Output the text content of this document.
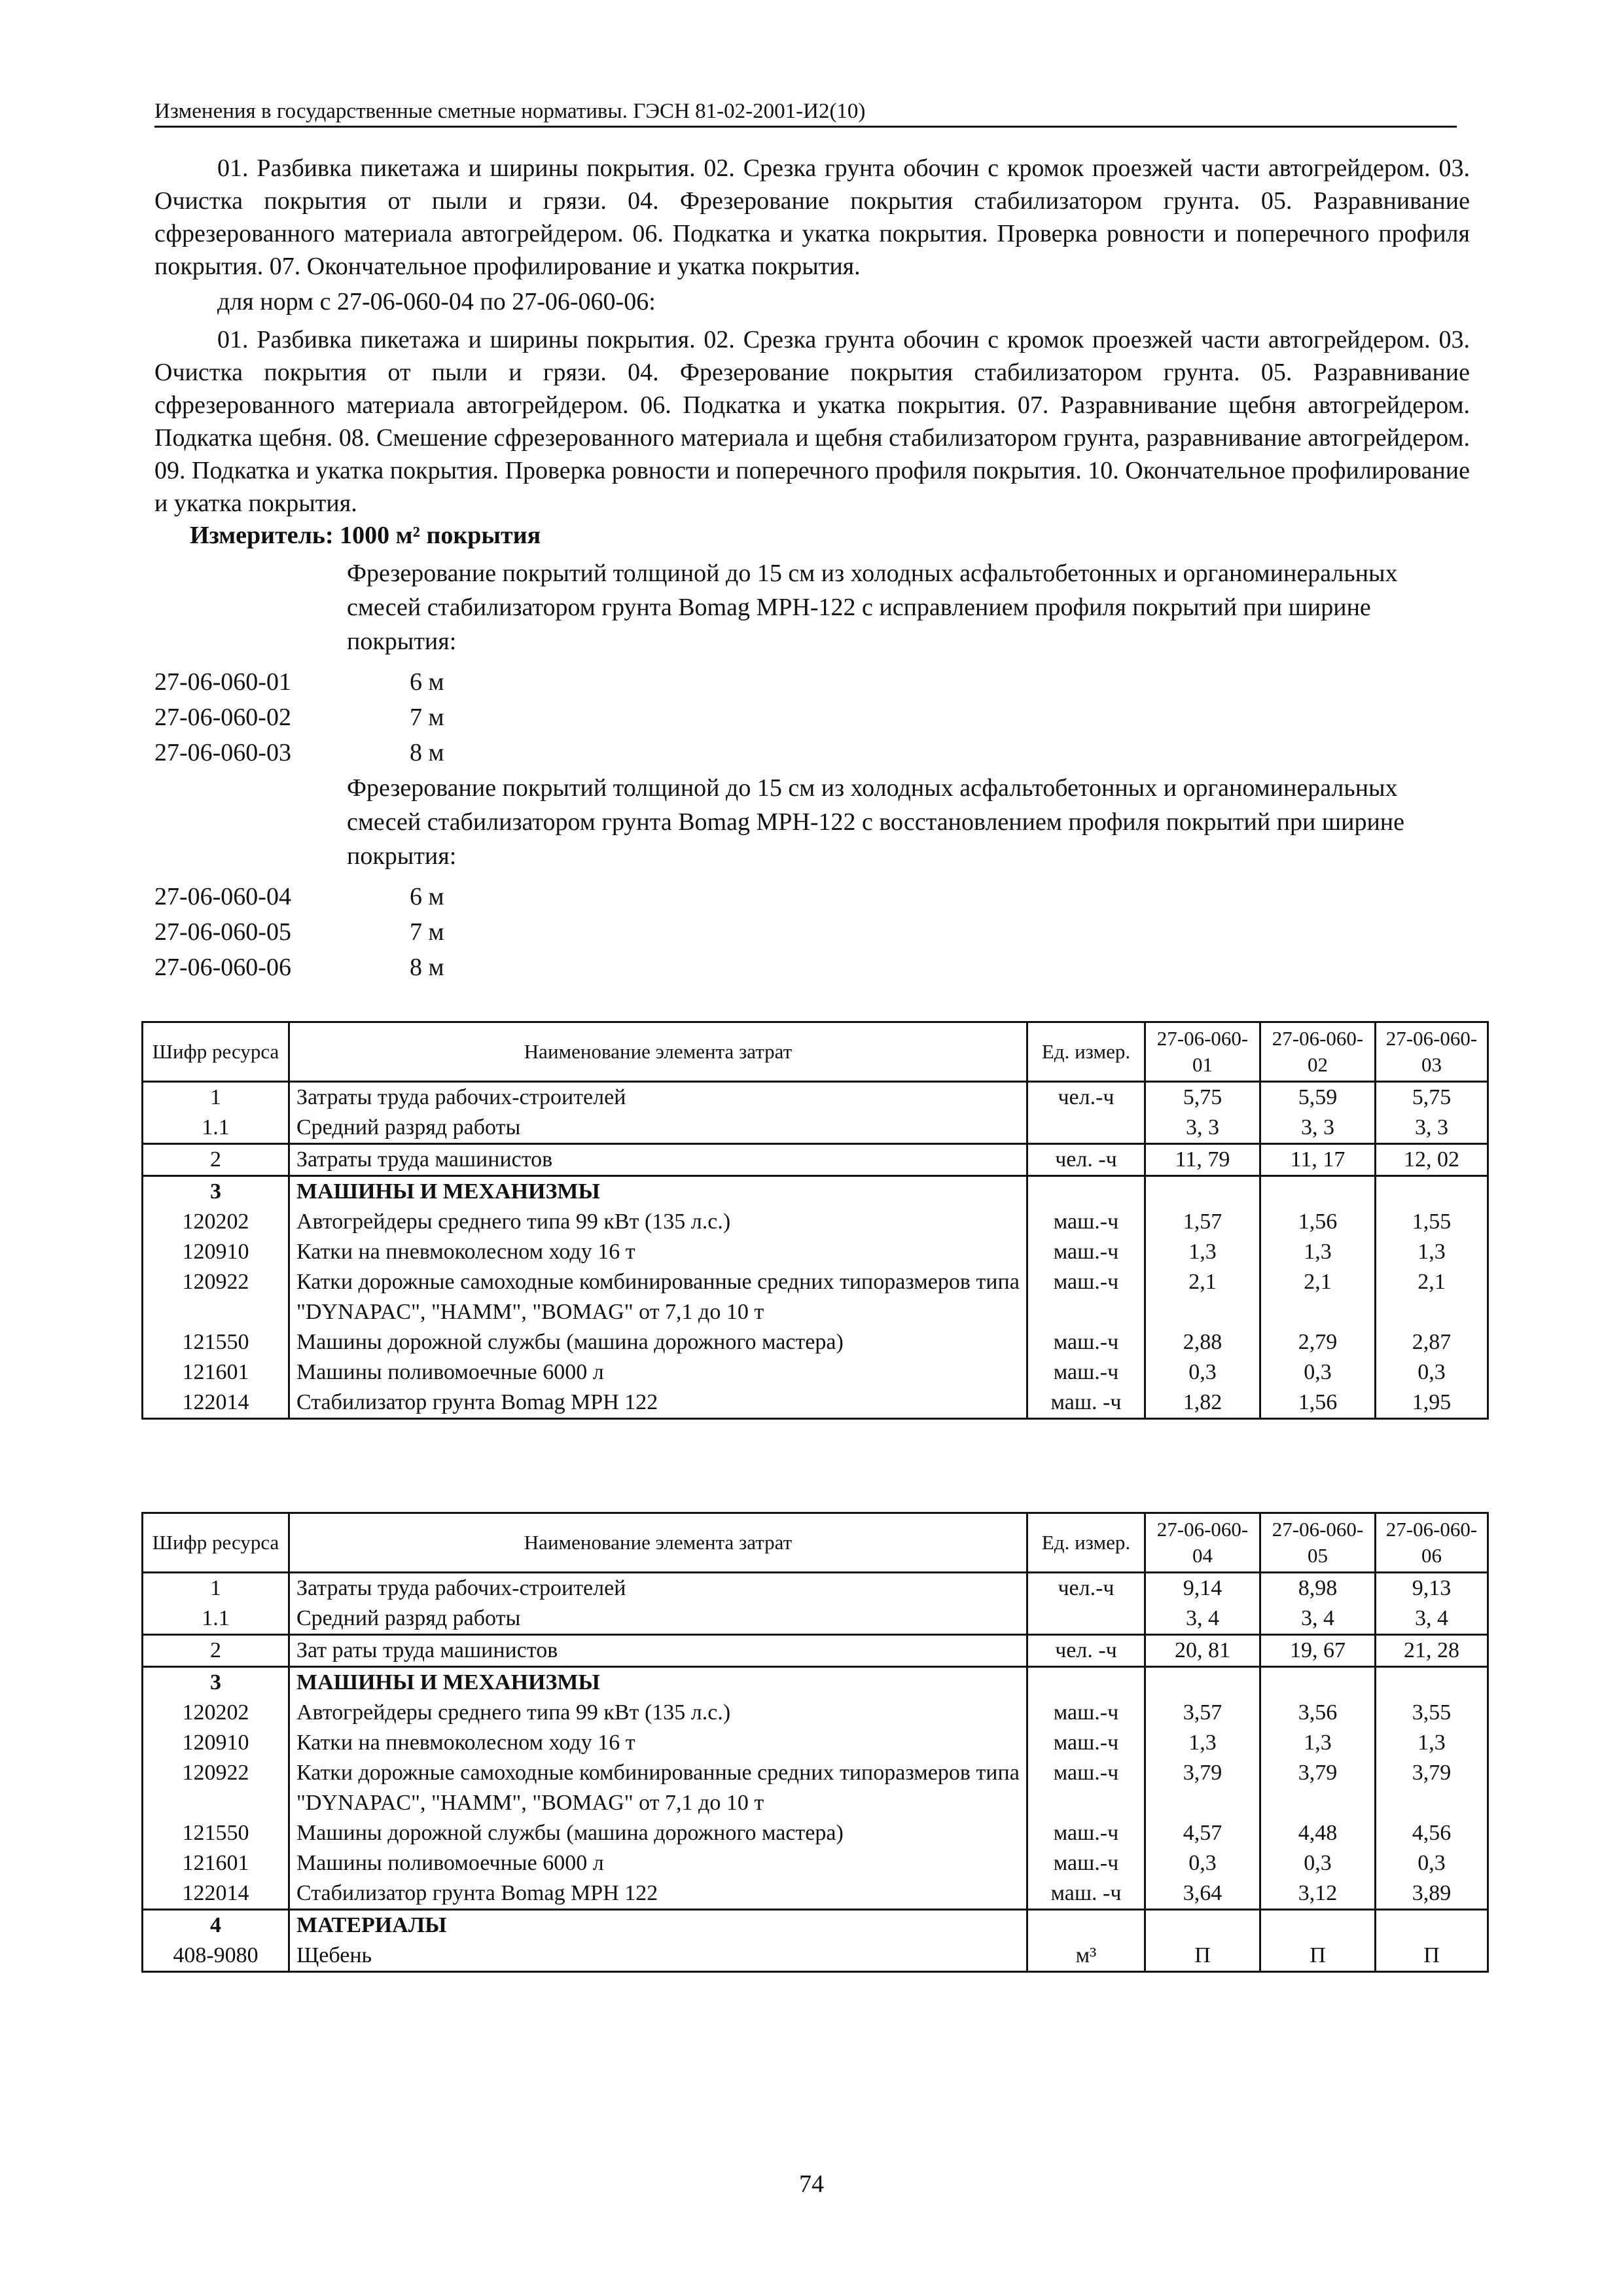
Изменения в государственные сметные нормативы. ГЭСН 81-02-2001-И2(10)

01. Разбивка пикетажа и ширины покрытия. 02. Срезка грунта обочин с кромок проезжей части автогрейдером. 03. Очистка покрытия от пыли и грязи. 04. Фрезерование покрытия стабилизатором грунта. 05. Разравнивание сфрезерованного материала автогрейдером. 06. Подкатка и укатка покрытия. Проверка ровности и поперечного профиля покрытия. 07. Окончательное профилирование и укатка покрытия.

для норм с 27-06-060-04 по 27-06-060-06:

01. Разбивка пикетажа и ширины покрытия. 02. Срезка грунта обочин с кромок проезжей части автогрейдером. 03. Очистка покрытия от пыли и грязи. 04. Фрезерование покрытия стабилизатором грунта. 05. Разравнивание сфрезерованного материала автогрейдером. 06. Подкатка и укатка покрытия. 07. Разравнивание щебня автогрейдером. Подкатка щебня. 08. Смешение сфрезерованного материала и щебня стабилизатором грунта, разравнивание автогрейдером. 09. Подкатка и укатка покрытия. Проверка ровности и поперечного профиля покрытия. 10. Окончательное профилирование и укатка покрытия.

Измеритель: 1000 м² покрытия
Фрезерование покрытий толщиной до 15 см из холодных асфальтобетонных и органоминеральных смесей стабилизатором грунта Bomag MPH-122 с исправлением профиля покрытий при ширине покрытия:
27-06-060-01	6 м
27-06-060-02	7 м
27-06-060-03	8 м
Фрезерование покрытий толщиной до 15 см из холодных асфальтобетонных и органоминеральных смесей стабилизатором грунта Bomag MPH-122 с восстановлением профиля покрытий при ширине покрытия:
27-06-060-04	6 м
27-06-060-05	7 м
27-06-060-06	8 м
Шифр ресурса	Наименование элемента затрат	Ед. измер.	27-06-060-01	27-06-060-02	27-06-060-03
1	Затраты труда рабочих-строителей	чел.-ч	5,75	5,59	5,75
1.1	Средний разряд работы		3, 3	3, 3	3, 3
2	Затраты труда машинистов	чел. -ч	11, 79	11, 17	12, 02
3	МАШИНЫ И МЕХАНИЗМЫ				
120202	Автогрейдеры среднего типа 99 кВт (135 л.с.)	маш.-ч	1,57	1,56	1,55
120910	Катки на пневмоколесном ходу 16 т	маш.-ч	1,3	1,3	1,3
120922	Катки дорожные самоходные комбинированные средних типоразмеров типа "DYNAPAC", "HAMM", "BOMAG" от 7,1 до 10 т	маш.-ч	2,1	2,1	2,1
121550	Машины дорожной службы (машина дорожного мастера)	маш.-ч	2,88	2,79	2,87
121601	Машины поливомоечные 6000 л	маш.-ч	0,3	0,3	0,3
122014	Стабилизатор грунта Bomag MPH 122	маш. -ч	1,82	1,56	1,95
Шифр ресурса	Наименование элемента затрат	Ед. измер.	27-06-060-04	27-06-060-05	27-06-060-06
1	Затраты труда рабочих-строителей	чел.-ч	9,14	8,98	9,13
1.1	Средний разряд работы		3, 4	3, 4	3, 4
2	Зат раты труда машинистов	чел. -ч	20, 81	19, 67	21, 28
3	МАШИНЫ И МЕХАНИЗМЫ				
120202	Автогрейдеры среднего типа 99 кВт (135 л.с.)	маш.-ч	3,57	3,56	3,55
120910	Катки на пневмоколесном ходу 16 т	маш.-ч	1,3	1,3	1,3
120922	Катки дорожные самоходные комбинированные средних типоразмеров типа "DYNAPAC", "HAMM", "BOMAG" от 7,1 до 10 т	маш.-ч	3,79	3,79	3,79
121550	Машины дорожной службы (машина дорожного мастера)	маш.-ч	4,57	4,48	4,56
121601	Машины поливомоечные 6000 л	маш.-ч	0,3	0,3	0,3
122014	Стабилизатор грунта Bomag MPH 122	маш. -ч	3,64	3,12	3,89
4	МАТЕРИАЛЫ				
408-9080	Щебень	м³	П	П	П
74
